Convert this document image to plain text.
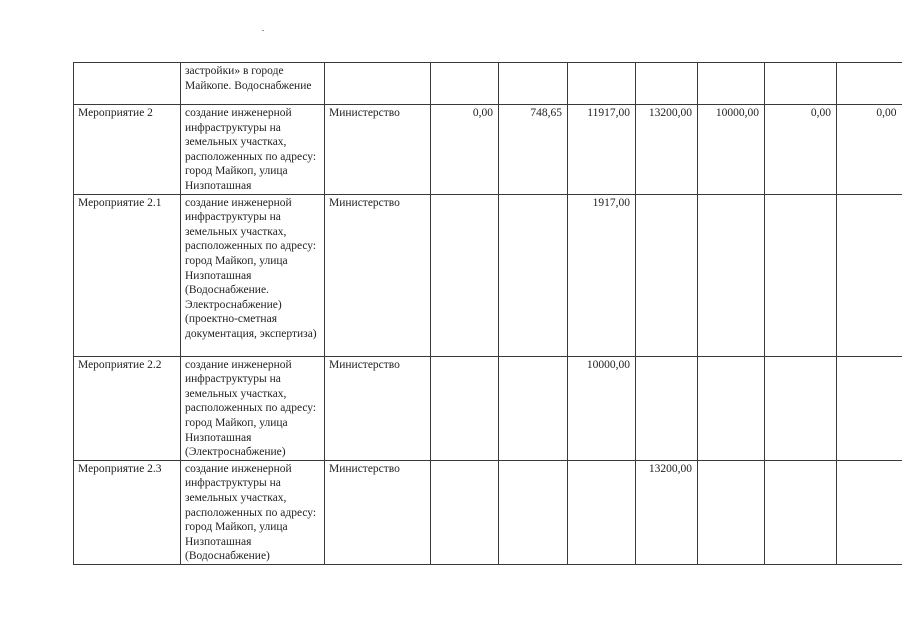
	застройки» в городе Майкопе. Водоснабжение								
Мероприятие 2	создание инженерной инфраструктуры на земельных участках, расположенных по адресу: город Майкоп, улица Низпоташная	Министерство	0,00	748,65	11917,00	13200,00	10000,00	0,00	0,00
Мероприятие 2.1	создание инженерной инфраструктуры на земельных участках, расположенных по адресу: город Майкоп, улица Низпоташная (Водоснабжение. Электроснабжение) (проектно-сметная документация, экспертиза)	Министерство			1917,00				
Мероприятие 2.2	создание инженерной инфраструктуры на земельных участках, расположенных по адресу: город Майкоп, улица Низпоташная (Электроснабжение)	Министерство			10000,00				
Мероприятие 2.3	создание инженерной инфраструктуры на земельных участках, расположенных по адресу: город Майкоп, улица Низпоташная (Водоснабжение)	Министерство				13200,00			
